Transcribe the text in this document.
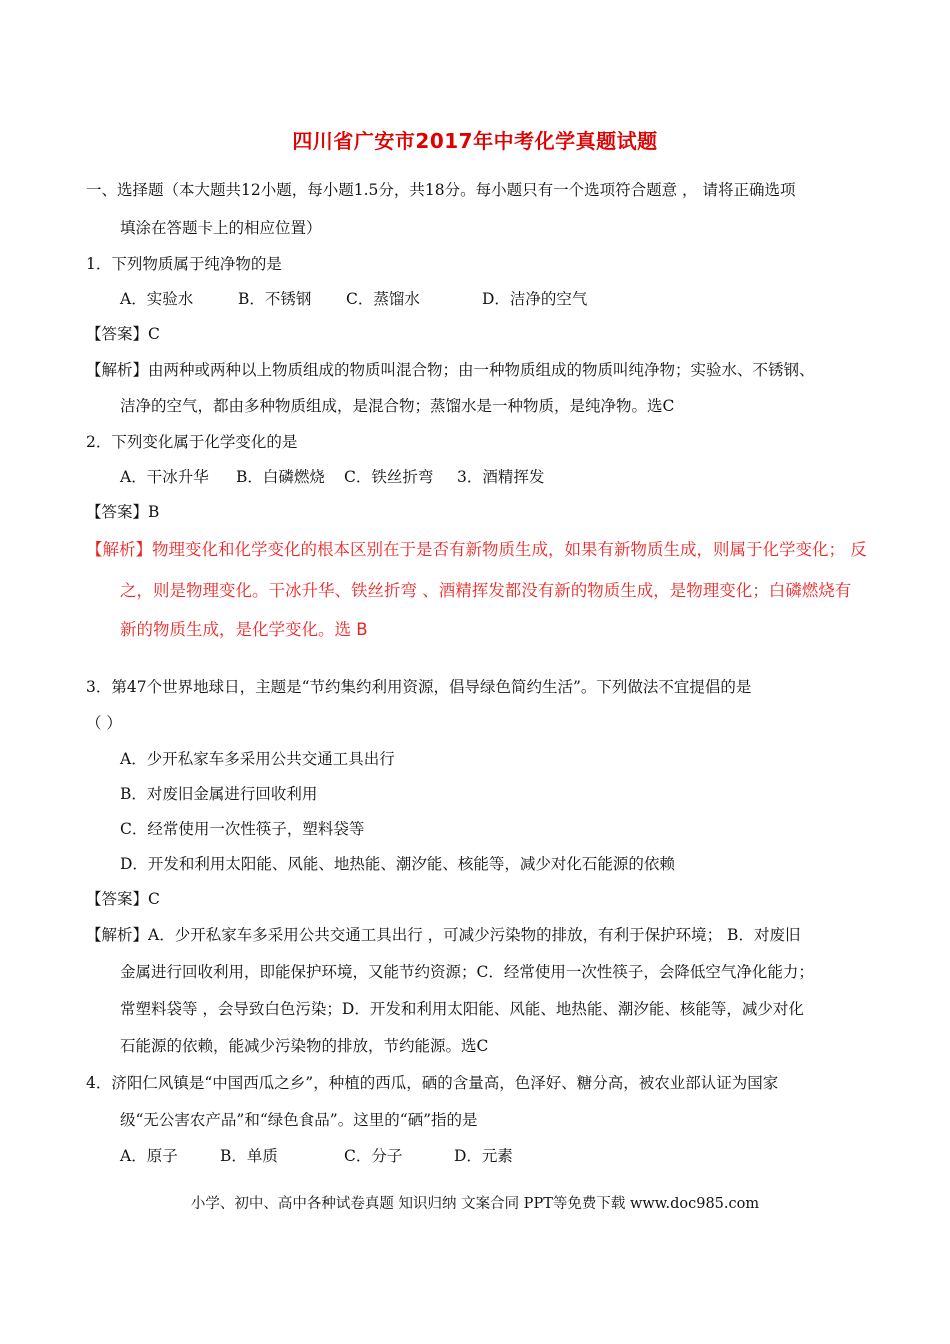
四川省广安市2017年中考化学真题试题
一、选择题（本大题共12小题，每小题1.5分，共18分。每小题只有一个选项符合题意 ， 请将正确选项
填涂在答题卡上的相应位置）
1．下列物质属于纯净物的是
A．实验水	B．不锈钢 C．蒸馏水	D．洁净的空气
【答案】C
【解析】由两种或两种以上物质组成的物质叫混合物；由一种物质组成的物质叫纯净物；实验水、不锈钢、
洁净的空气，都由多种物质组成，是混合物；蒸馏水是一种物质，是纯净物。选C
2．下列变化属于化学变化的是
A．干冰升华 B．白磷燃烧 C．铁丝折弯 3．酒精挥发
【答案】B
【解析】物理变化和化学变化的根本区别在于是否有新物质生成，如果有新物质生成，则属于化学变化； 反
之，则是物理变化。干冰升华、铁丝折弯 、酒精挥发都没有新的物质生成，是物理变化；白磷燃烧有
新的物质生成，是化学变化。选 B
3．第47个世界地球日，主题是“节约集约利用资源，倡导绿色简约生活”。下列做法不宜提倡的是
（ ）
A．少开私家车多采用公共交通工具出行
B．对废旧金属进行回收利用
C．经常使用一次性筷子，塑料袋等
D．开发和利用太阳能、风能、地热能、潮汐能、核能等，减少对化石能源的依赖
【答案】C
【解析】A．少开私家车多采用公共交通工具出行 ，可减少污染物的排放，有利于保护环境； B．对废旧
金属进行回收利用，即能保护环境，又能节约资源；C．经常使用一次性筷子，会降低空气净化能力；
常塑料袋等 ，会导致白色污染；D．开发和利用太阳能、风能、地热能、潮汐能、核能等，减少对化
石能源的依赖，能减少污染物的排放，节约能源。选C
4．济阳仁风镇是“中国西瓜之乡”，种植的西瓜，硒的含量高，色泽好、糖分高，被农业部认证为国家
级“无公害农产品”和“绿色食品”。这里的“硒”指的是
A．原子	B．单质	C．分子	D．元素
小学、初中、高中各种试卷真题 知识归纳 文案合同 PPT等免费下载 www.doc985.com
